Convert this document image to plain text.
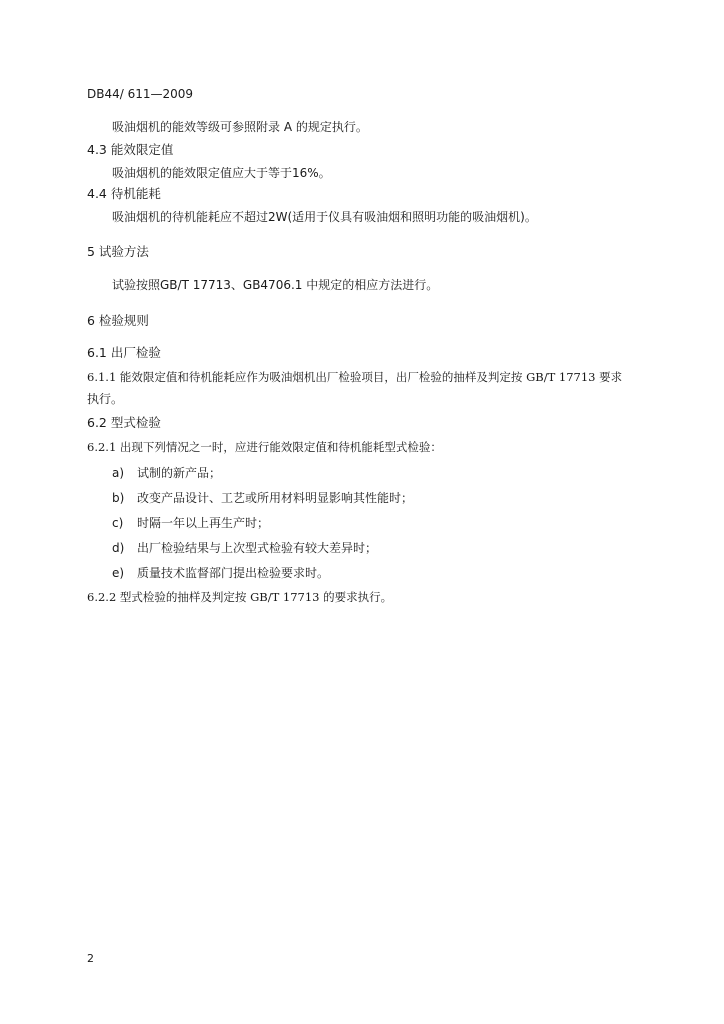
DB44/ 611—2009
吸油烟机的能效等级可参照附录 A 的规定执行。
4.3 能效限定值
吸油烟机的能效限定值应大于等于16%。
4.4 待机能耗
吸油烟机的待机能耗应不超过2W(适用于仪具有吸油烟和照明功能的吸油烟机)。
5 试验方法
试验按照GB/T 17713、GB4706.1 中规定的相应方法进行。
6 检验规则
6.1 出厂检验
6.1.1 能效限定值和待机能耗应作为吸油烟机出厂检验项目，出厂检验的抽样及判定按 GB/T 17713 要求
执行。
6.2 型式检验
6.2.1 出现下列情况之一时，应进行能效限定值和待机能耗型式检验：
a) 试制的新产品；
b) 改变产品设计、工艺或所用材料明显影响其性能时；
c) 时隔一年以上再生产时；
d) 出厂检验结果与上次型式检验有较大差异时；
e) 质量技术监督部门提出检验要求时。
6.2.2 型式检验的抽样及判定按 GB/T 17713 的要求执行。
2
